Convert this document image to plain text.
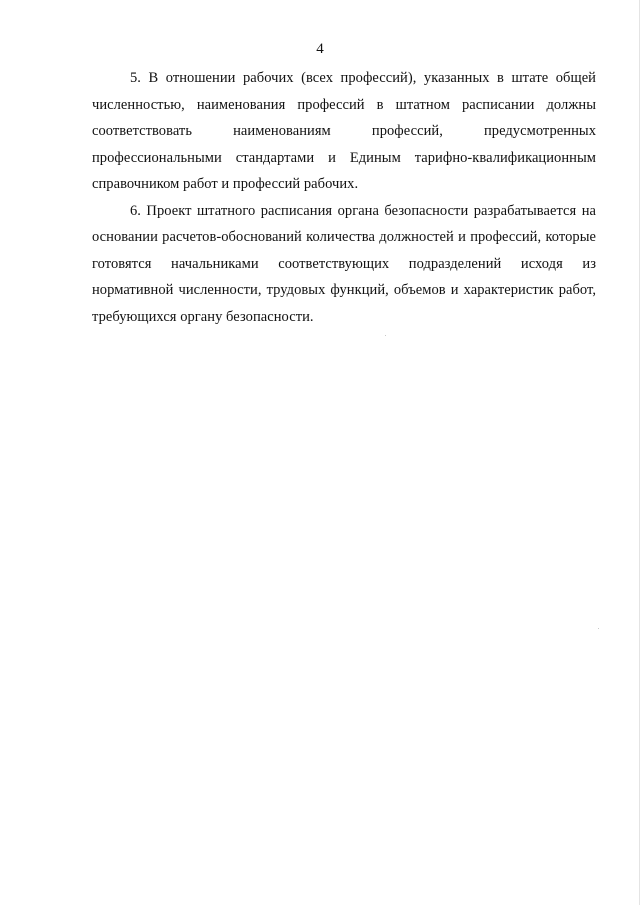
4

5. В отношении рабочих (всех профессий), указанных в штате общей численностью, наименования профессий в штатном расписании должны соответствовать наименованиям профессий, предусмотренных профессиональными стандартами и Единым тарифно-квалификационным справочником работ и профессий рабочих.

6. Проект штатного расписания органа безопасности разрабатывается на основании расчетов-обоснований количества должностей и профессий, которые готовятся начальниками соответствующих подразделений исходя из нормативной численности, трудовых функций, объемов и характеристик работ, требующихся органу безопасности.
